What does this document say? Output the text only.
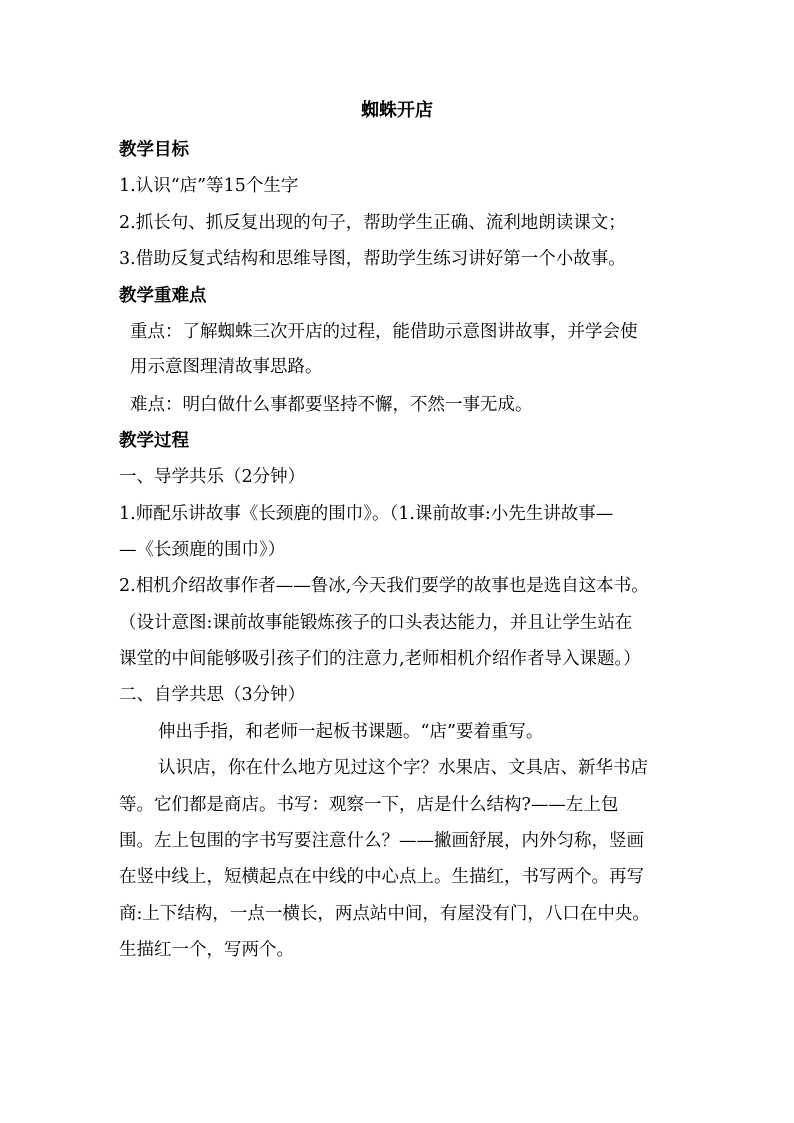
蜘蛛开店
教学目标
1.认识“店”等15个生字
2.抓长句、抓反复出现的句子，帮助学生正确、流利地朗读课文；
3.借助反复式结构和思维导图，帮助学生练习讲好第一个小故事。
教学重难点
重点：了解蜘蛛三次开店的过程，能借助示意图讲故事，并学会使
用示意图理清故事思路。
难点：明白做什么事都要坚持不懈，不然一事无成。
教学过程
一、导学共乐（2分钟）
1.师配乐讲故事《长颈鹿的围巾》。（1.课前故事:小先生讲故事—
—《长颈鹿的围巾》）
2.相机介绍故事作者——鲁冰,今天我们要学的故事也是选自这本书。
（设计意图:课前故事能锻炼孩子的口头表达能力，并且让学生站在
课堂的中间能够吸引孩子们的注意力,老师相机介绍作者导入课题。）
二、自学共思（3分钟）
伸出手指，和老师一起板书课题。“店”要着重写。
认识店，你在什么地方见过这个字？水果店、文具店、新华书店
等。它们都是商店。书写：观察一下，店是什么结构?——左上包
围。左上包围的字书写要注意什么？——撇画舒展，内外匀称，竖画
在竖中线上，短横起点在中线的中心点上。生描红，书写两个。再写
商:上下结构，一点一横长，两点站中间，有屋没有门，八口在中央。
生描红一个，写两个。
